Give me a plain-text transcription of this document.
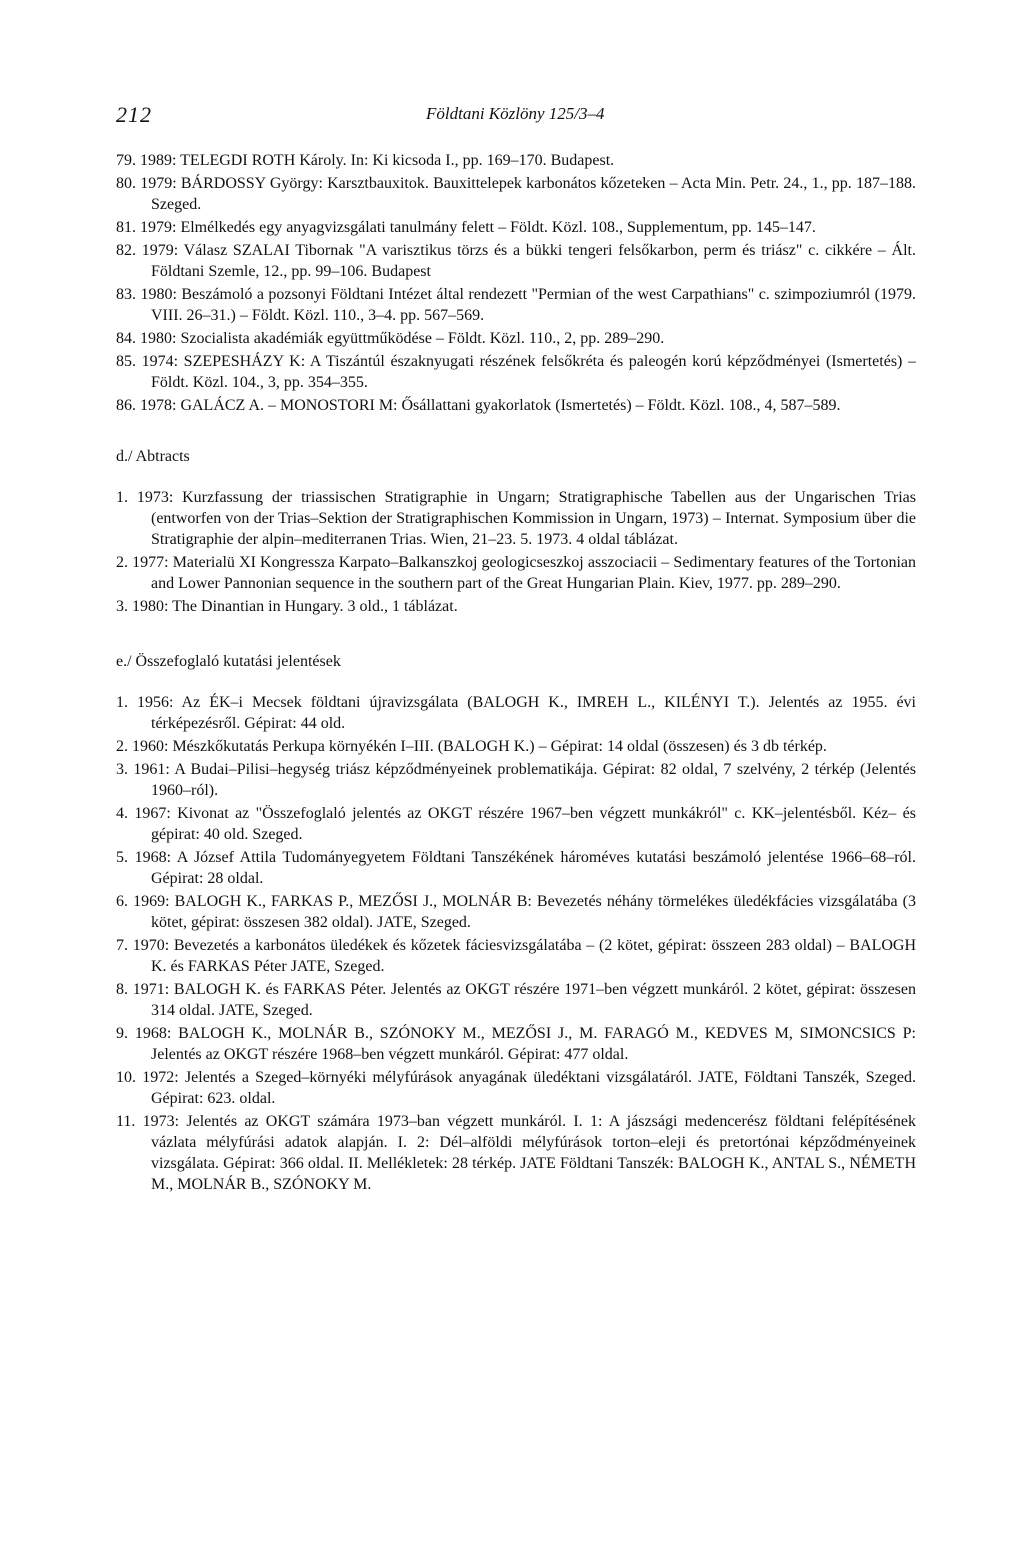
212	Földtani Közlöny 125/3–4

79. 1989: TELEGDI ROTH Károly. In: Ki kicsoda I., pp. 169–170. Budapest.

80. 1979: BÁRDOSSY György: Karsztbauxitok. Bauxittelepek karbonátos kőzeteken – Acta Min. Petr. 24., 1., pp. 187–188. Szeged.

81. 1979: Elmélkedés egy anyagvizsgálati tanulmány felett – Földt. Közl. 108., Supplementum, pp. 145–147.

82. 1979: Válasz SZALAI Tibornak "A varisztikus törzs és a bükki tengeri felsőkarbon, perm és triász" c. cikkére – Ált. Földtani Szemle, 12., pp. 99–106. Budapest

83. 1980: Beszámoló a pozsonyi Földtani Intézet által rendezett "Permian of the west Carpathians" c. szimpoziumról (1979. VIII. 26–31.) – Földt. Közl. 110., 3–4. pp. 567–569.

84. 1980: Szocialista akadémiák együttműködése – Földt. Közl. 110., 2, pp. 289–290.

85. 1974: SZEPESHÁZY K: A Tiszántúl északnyugati részének felsőkréta és paleogén korú képződményei (Ismertetés) – Földt. Közl. 104., 3, pp. 354–355.

86. 1978: GALÁCZ A. – MONOSTORI M: Ősállattani gyakorlatok (Ismertetés) – Földt. Közl. 108., 4, 587–589.

d./ Abtracts

1. 1973: Kurzfassung der triassischen Stratigraphie in Ungarn; Stratigraphische Tabellen aus der Ungarischen Trias (entworfen von der Trias–Sektion der Stratigraphischen Kommission in Ungarn, 1973) – Internat. Symposium über die Stratigraphie der alpin–mediterranen Trias. Wien, 21–23. 5. 1973. 4 oldal táblázat.

2. 1977: Materialü XI Kongressza Karpato–Balkanszkoj geologicseszkoj asszociacii – Sedimentary features of the Tortonian and Lower Pannonian sequence in the southern part of the Great Hungarian Plain. Kiev, 1977. pp. 289–290.

3. 1980: The Dinantian in Hungary. 3 old., 1 táblázat.

e./ Összefoglaló kutatási jelentések

1. 1956: Az ÉK–i Mecsek földtani újravizsgálata (BALOGH K., IMREH L., KILÉNYI T.). Jelentés az 1955. évi térképezésről. Gépirat: 44 old.

2. 1960: Mészkőkutatás Perkupa környékén I–III. (BALOGH K.) – Gépirat: 14 oldal (összesen) és 3 db térkép.

3. 1961: A Budai–Pilisi–hegység triász képződményeinek problematikája. Gépirat: 82 oldal, 7 szelvény, 2 térkép (Jelentés 1960–ról).

4. 1967: Kivonat az "Összefoglaló jelentés az OKGT részére 1967–ben végzett munkákról" c. KK–jelentésből. Kéz– és gépirat: 40 old. Szeged.

5. 1968: A József Attila Tudományegyetem Földtani Tanszékének hároméves kutatási beszámoló jelentése 1966–68–ról. Gépirat: 28 oldal.

6. 1969: BALOGH K., FARKAS P., MEZŐSI J., MOLNÁR B: Bevezetés néhány törmelékes üledékfácies vizsgálatába (3 kötet, gépirat: összesen 382 oldal). JATE, Szeged.

7. 1970: Bevezetés a karbonátos üledékek és kőzetek fáciesvizsgálatába – (2 kötet, gépirat: összeen 283 oldal) – BALOGH K. és FARKAS Péter JATE, Szeged.

8. 1971: BALOGH K. és FARKAS Péter. Jelentés az OKGT részére 1971–ben végzett munkáról. 2 kötet, gépirat: összesen 314 oldal. JATE, Szeged.

9. 1968: BALOGH K., MOLNÁR B., SZÓNOKY M., MEZŐSI J., M. FARAGÓ M., KEDVES M, SIMONCSICS P: Jelentés az OKGT részére 1968–ben végzett munkáról. Gépirat: 477 oldal.

10. 1972: Jelentés a Szeged–környéki mélyfúrások anyagának üledéktani vizsgálatáról. JATE, Földtani Tanszék, Szeged. Gépirat: 623. oldal.

11. 1973: Jelentés az OKGT számára 1973–ban végzett munkáról. I. 1: A jászsági medencerész földtani felépítésének vázlata mélyfúrási adatok alapján. I. 2: Dél–alföldi mélyfúrások torton–eleji és pretortónai képződményeinek vizsgálata. Gépirat: 366 oldal. II. Mellékletek: 28 térkép. JATE Földtani Tanszék: BALOGH K., ANTAL S., NÉMETH M., MOLNÁR B., SZÓNOKY M.
